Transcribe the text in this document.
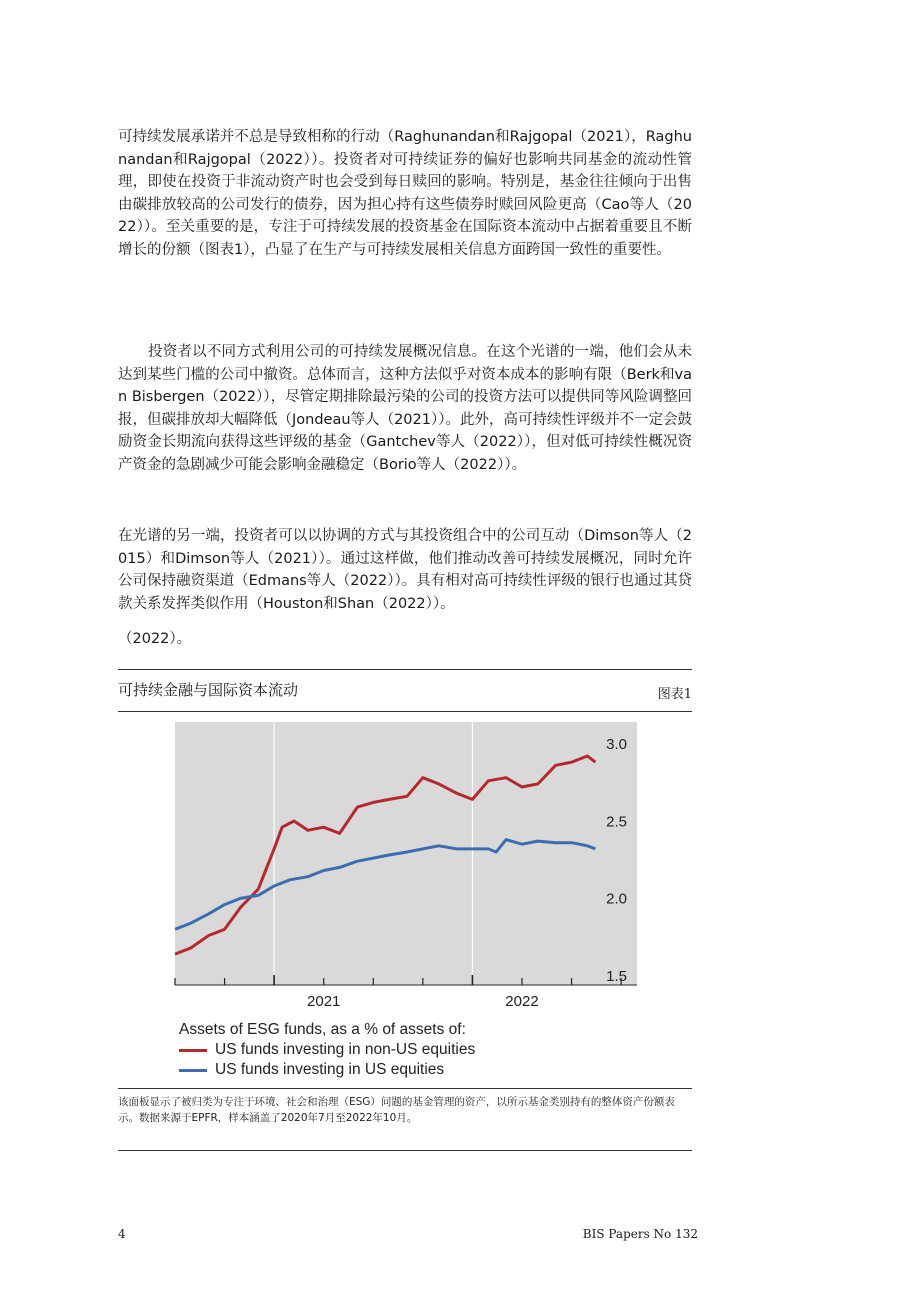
可持续发展承诺并不总是导致相称的行动（Raghunandan和Rajgopal（2021），Raghunandan和Rajgopal（2022））。投资者对可持续证券的偏好也影响共同基金的流动性管理，即使在投资于非流动资产时也会受到每日赎回的影响。特别是，基金往往倾向于出售由碳排放较高的公司发行的债券，因为担心持有这些债券时赎回风险更高（Cao等人（2022））。至关重要的是，专注于可持续发展的投资基金在国际资本流动中占据着重要且不断增长的份额（图表1），凸显了在生产与可持续发展相关信息方面跨国一致性的重要性。

投资者以不同方式利用公司的可持续发展概况信息。在这个光谱的一端，他们会从未达到某些门槛的公司中撤资。总体而言，这种方法似乎对资本成本的影响有限（Berk和van Bisbergen（2022）），尽管定期排除最污染的公司的投资方法可以提供同等风险调整回报，但碳排放却大幅降低（Jondeau等人（2021））。此外，高可持续性评级并不一定会鼓励资金长期流向获得这些评级的基金（Gantchev等人（2022）），但对低可持续性概况资产资金的急剧减少可能会影响金融稳定（Borio等人（2022））。

在光谱的另一端，投资者可以以协调的方式与其投资组合中的公司互动（Dimson等人（2015）和Dimson等人（2021））。通过这样做，他们推动改善可持续发展概况，同时允许公司保持融资渠道（Edmans等人（2022））。具有相对高可持续性评级的银行也通过其贷款关系发挥类似作用（Houston和Shan（2022））。

（2022）。

可持续金融与国际资本流动	图表1
1.5
2.0
2.5
3.0
2021	2022
Assets of ESG funds, as a % of assets of:
US funds investing in non-US equities
US funds investing in US equities
该面板显示了被归类为专注于环境、社会和治理（ESG）问题的基金管理的资产，以所示基金类别持有的整体资产份额表示。数据来源于EPFR，样本涵盖了2020年7月至2022年10月。
4	BIS Papers No 132
